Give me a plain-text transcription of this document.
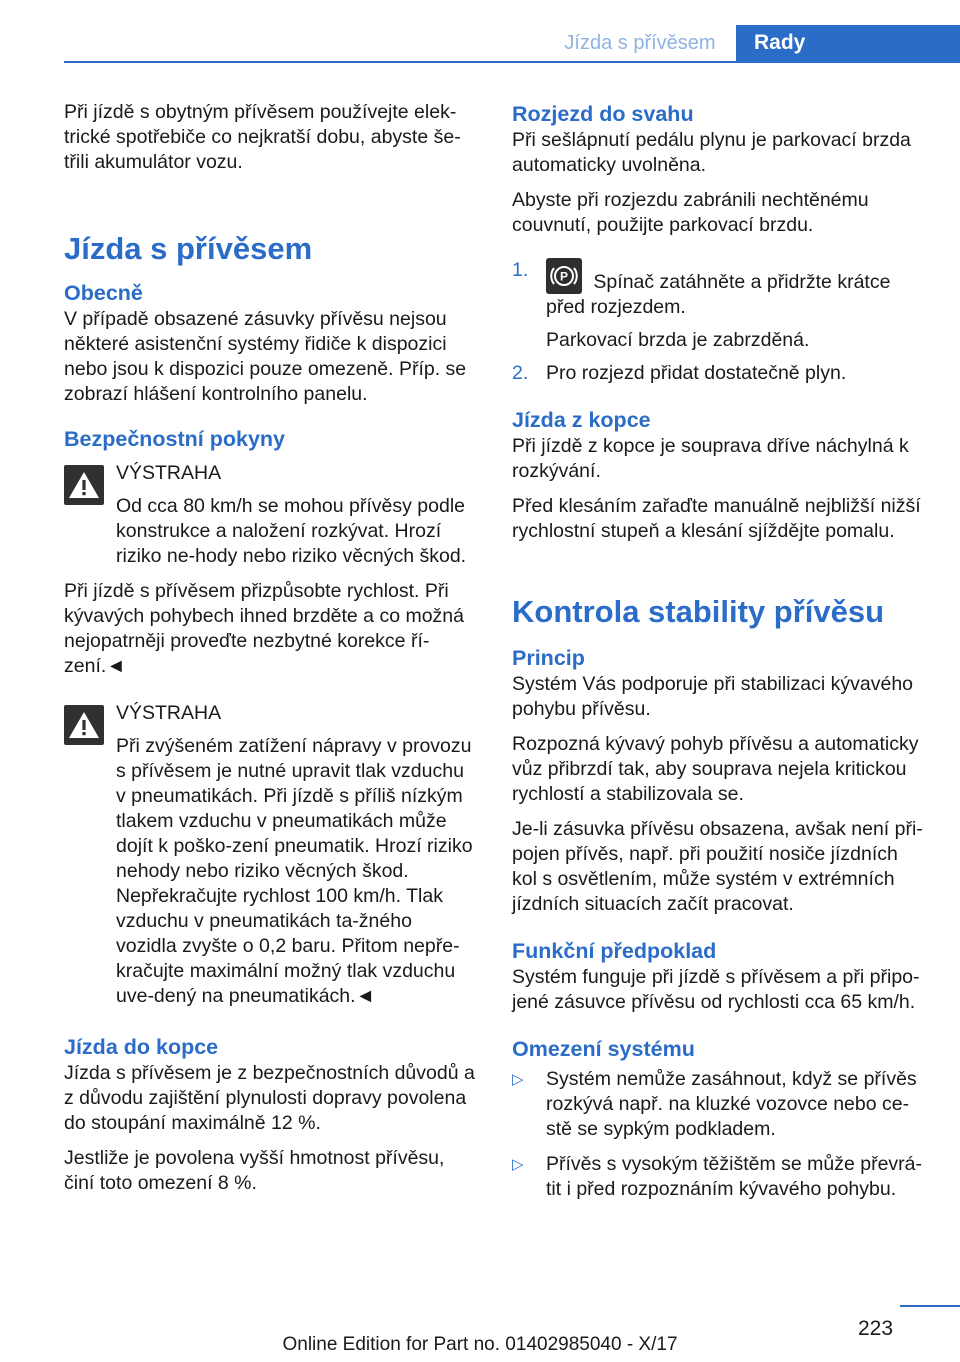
Jízda s přívěsem	Rady

Při jízdě s obytným přívěsem používejte elek-trické spotřebiče co nejkratší dobu, abyste še-třili akumulátor vozu.

Jízda s přívěsem
Obecně

V případě obsazené zásuvky přívěsu nejsou některé asistenční systémy řidiče k dispozici nebo jsou k dispozici pouze omezeně. Příp. se zobrazí hlášení kontrolního panelu.

Bezpečnostní pokyny
VÝSTRAHA

Od cca 80 km/h se mohou přívěsy podle konstrukce a naložení rozkývat. Hrozí riziko ne-hody nebo riziko věcných škod.

Při jízdě s přívěsem přizpůsobte rychlost. Při kývavých pohybech ihned brzděte a co možná nejopatrněji proveďte nezbytné korekce ří-zení.◄

VÝSTRAHA

Při zvýšeném zatížení nápravy v provozu s přívěsem je nutné upravit tlak vzduchu v pneumatikách. Při jízdě s příliš nízkým tlakem vzduchu v pneumatikách může dojít k poško-zení pneumatik. Hrozí riziko nehody nebo riziko věcných škod. Nepřekračujte rychlost 100 km/h. Tlak vzduchu v pneumatikách ta-žného vozidla zvyšte o 0,2 baru. Přitom nepře-kračujte maximální možný tlak vzduchu uve-dený na pneumatikách.◄

Jízda do kopce

Jízda s přívěsem je z bezpečnostních důvodů a z důvodu zajištění plynulosti dopravy povolena do stoupání maximálně 12 %.

Jestliže je povolena vyšší hmotnost přívěsu, činí toto omezení 8 %.

Rozjezd do svahu

Při sešlápnutí pedálu plynu je parkovací brzda automaticky uvolněna.

Abyste při rozjezdu zabránili nechtěnému couvnutí, použijte parkovací brzdu.

1.	P Spínač zatáhněte a přidržte krátce před rozjezdem.

Parkovací brzda je zabrzděná.

2. Pro rozjezd přidat dostatečně plyn.
Jízda z kopce

Při jízdě z kopce je souprava dříve náchylná k rozkývání.

Před klesáním zařaďte manuálně nejbližší nižší rychlostní stupeň a klesání sjíždějte pomalu.

Kontrola stability přívěsu
Princip

Systém Vás podporuje při stabilizaci kývavého pohybu přívěsu.

Rozpozná kývavý pohyb přívěsu a automaticky vůz přibrzdí tak, aby souprava nejela kritickou rychlostí a stabilizovala se.

Je-li zásuvka přívěsu obsazena, avšak není při-pojen přívěs, např. při použití nosiče jízdních kol s osvětlením, může systém v extrémních jízdních situacích začít pracovat.

Funkční předpoklad

Systém funguje při jízdě s přívěsem a při připo-jené zásuvce přívěsu od rychlosti cca 65 km/h.

Omezení systému
▷ Systém nemůže zasáhnout, když se přívěs rozkývá např. na kluzké vozovce nebo ce-stě se sypkým podkladem.
▷ Přívěs s vysokým těžištěm se může převrá-tit i před rozpoznáním kývavého pohybu.
223
Online Edition for Part no. 01402985040 - X/17
